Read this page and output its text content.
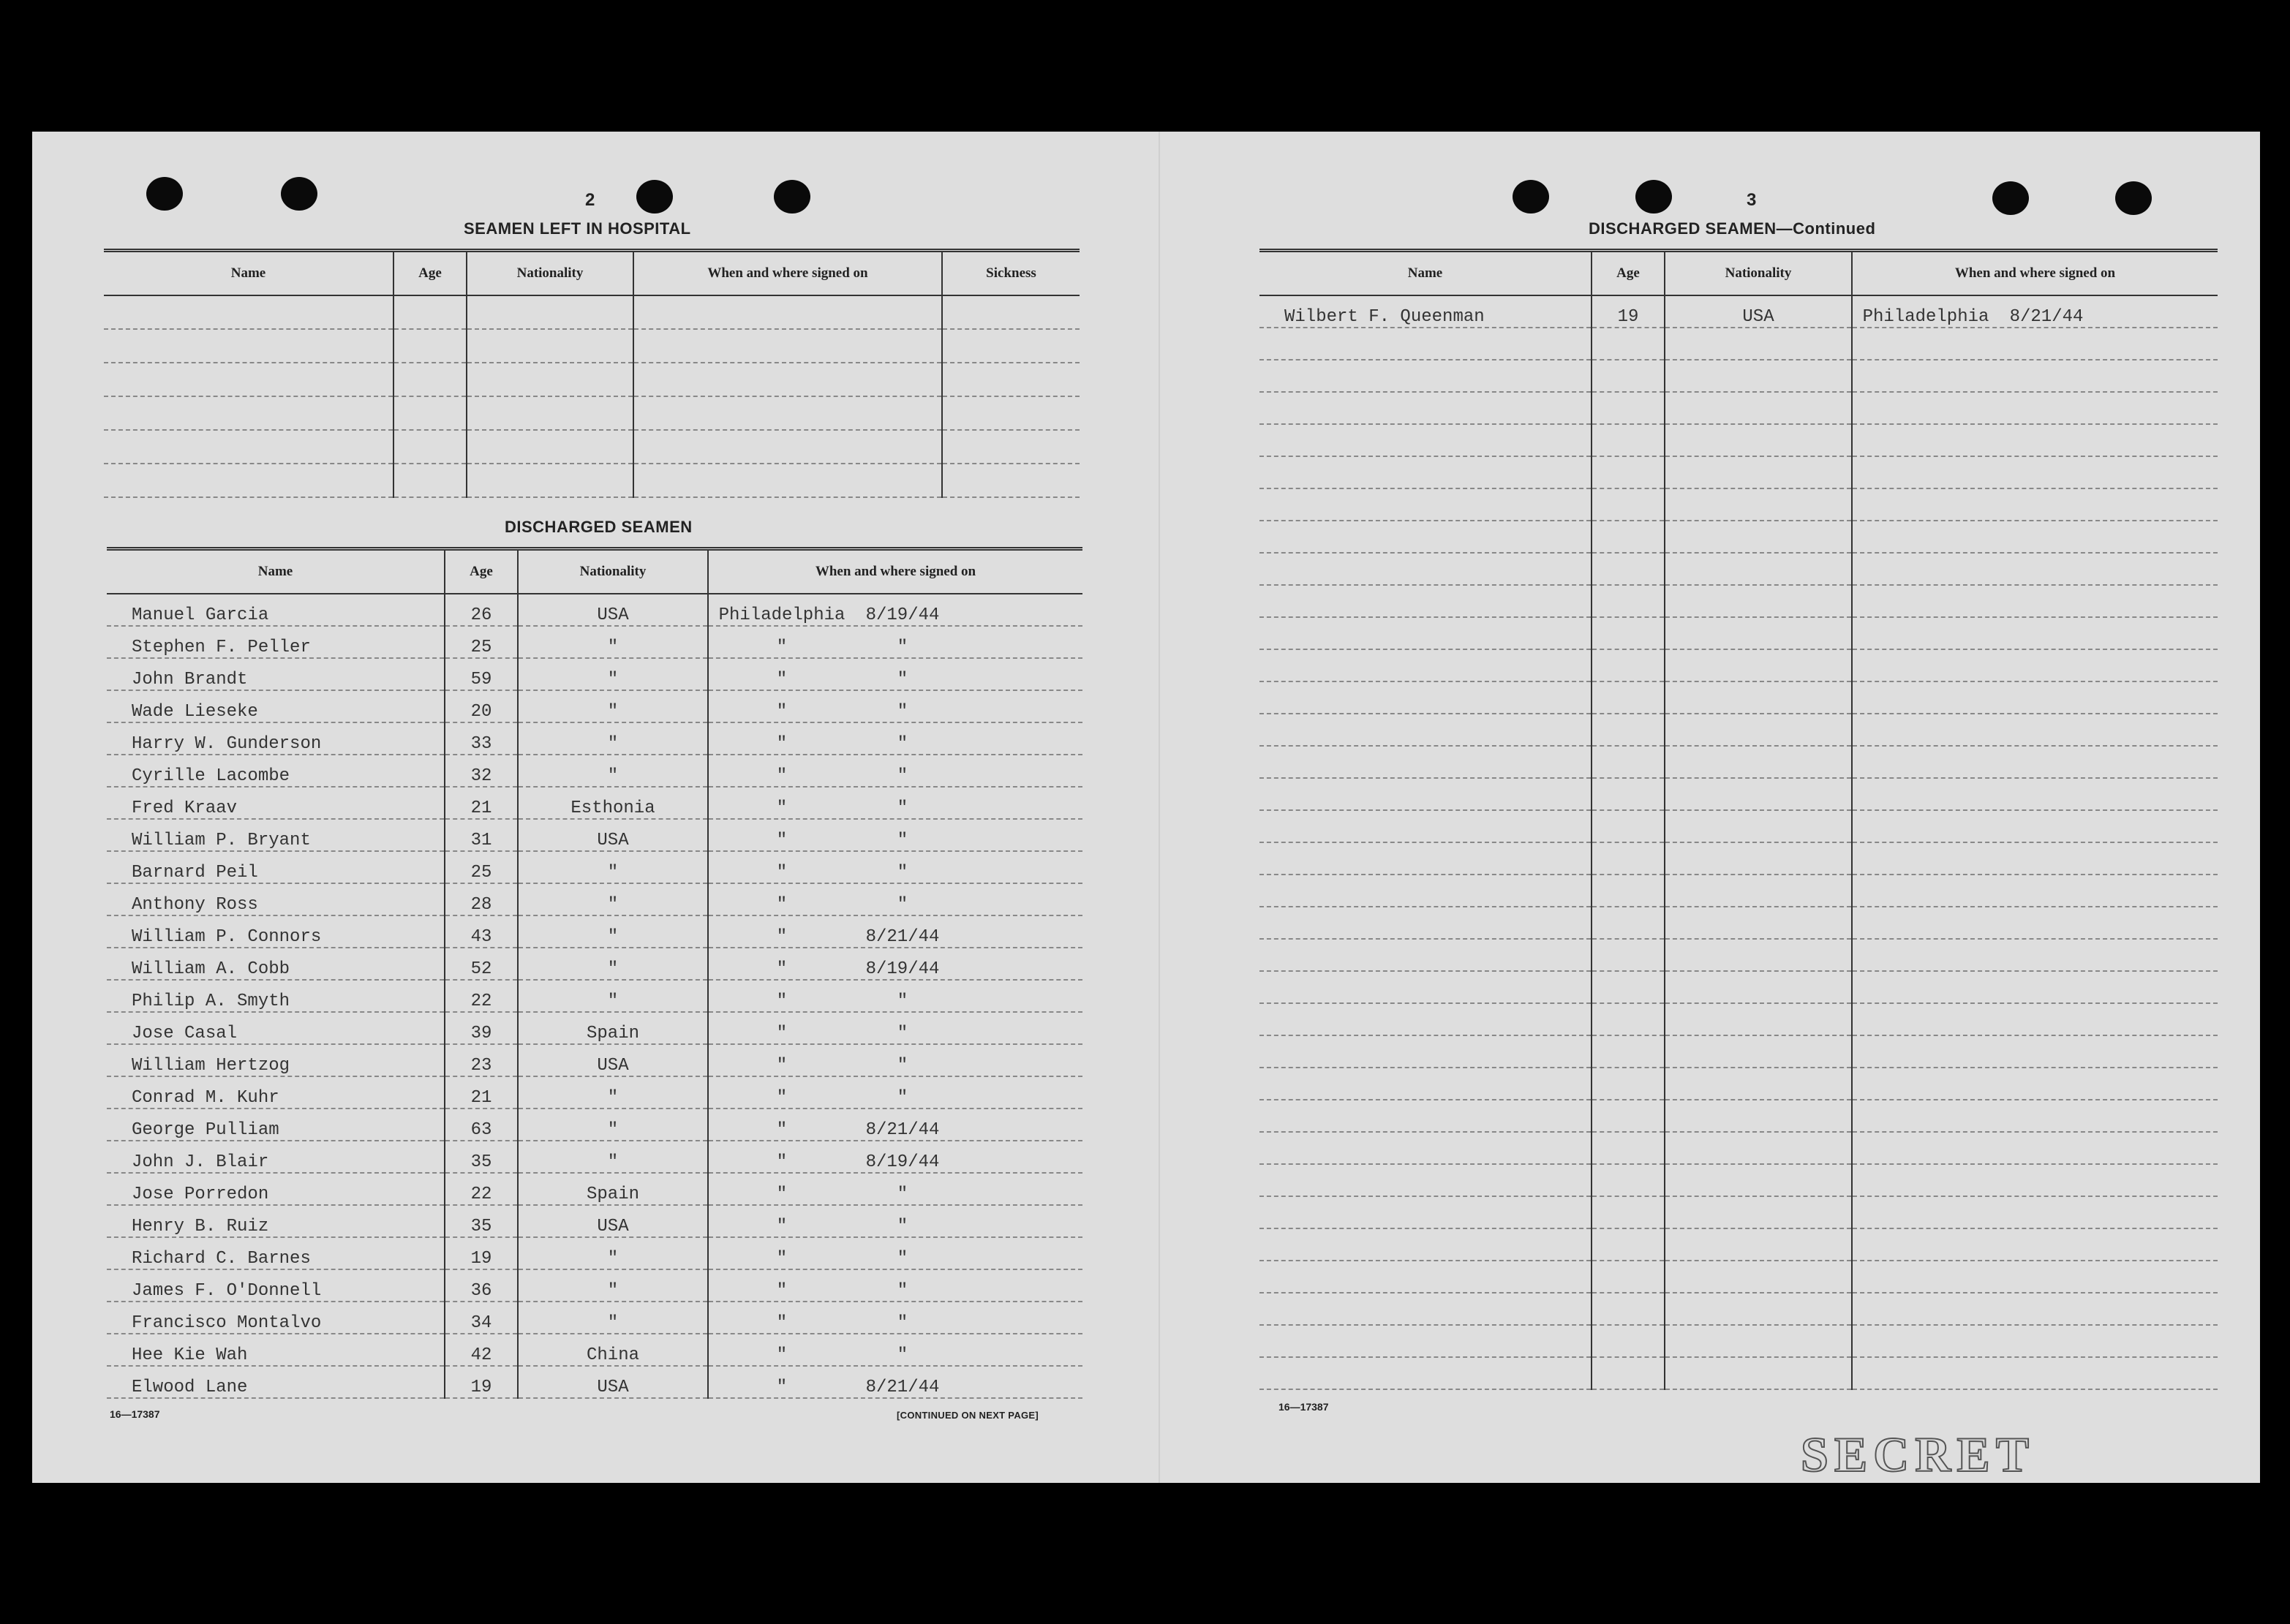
2
SEAMEN LEFT IN HOSPITAL
Name	Age	Nationality	When and where signed on	Sickness

DISCHARGED SEAMEN
Name	Age	Nationality	When and where signed on
Manuel Garcia	26	USA	Philadelphia 8/19/44
Stephen F. Peller	25	"	" "
John Brandt	59	"	" "
Wade Lieseke	20	"	" "
Harry W. Gunderson	33	"	" "
Cyrille Lacombe	32	"	" "
Fred Kraav	21	Esthonia	" "
William P. Bryant	31	USA	" "
Barnard Peil	25	"	" "
Anthony Ross	28	"	" "
William P. Connors	43	"	" 8/21/44
William A. Cobb	52	"	" 8/19/44
Philip A. Smyth	22	"	" "
Jose Casal	39	Spain	" "
William Hertzog	23	USA	" "
Conrad M. Kuhr	21	"	" "
George Pulliam	63	"	" 8/21/44
John J. Blair	35	"	" 8/19/44
Jose Porredon	22	Spain	" "
Henry B. Ruiz	35	USA	" "
Richard C. Barnes	19	"	" "
James F. O'Donnell	36	"	" "
Francisco Montalvo	34	"	" "
Hee Kie Wah	42	China	" "
Elwood Lane	19	USA	" 8/21/44
16—17387	[CONTINUED ON NEXT PAGE]
3
DISCHARGED SEAMEN—Continued
Name	Age	Nationality	When and where signed on
Wilbert F. Queenman	19	USA	Philadelphia 8/21/44

16—17387
SECRET
